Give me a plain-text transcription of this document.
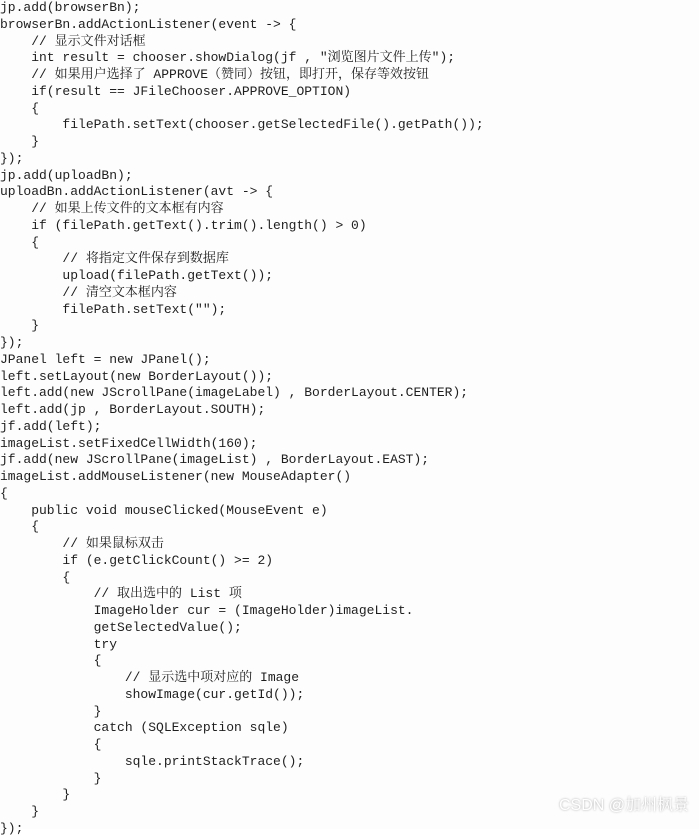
jp.add(browserBn);
browserBn.addActionListener(event -> {
// 显示文件对话框
int result = chooser.showDialog(jf , "浏览图片文件上传");
// 如果用户选择了 APPROVE（赞同）按钮，即打开，保存等效按钮
if(result == JFileChooser.APPROVE_OPTION)
{
filePath.setText(chooser.getSelectedFile().getPath());
}
});
jp.add(uploadBn);
uploadBn.addActionListener(avt -> {
// 如果上传文件的文本框有内容
if (filePath.getText().trim().length() > 0)
{
// 将指定文件保存到数据库
upload(filePath.getText());
// 清空文本框内容
filePath.setText("");
}
});
JPanel left = new JPanel();
left.setLayout(new BorderLayout());
left.add(new JScrollPane(imageLabel) , BorderLayout.CENTER);
left.add(jp , BorderLayout.SOUTH);
jf.add(left);
imageList.setFixedCellWidth(160);
jf.add(new JScrollPane(imageList) , BorderLayout.EAST);
imageList.addMouseListener(new MouseAdapter()
{
public void mouseClicked(MouseEvent e)
{
// 如果鼠标双击
if (e.getClickCount() >= 2)
{
// 取出选中的 List 项
ImageHolder cur = (ImageHolder)imageList.
getSelectedValue();
try
{
// 显示选中项对应的 Image
showImage(cur.getId());
}
catch (SQLException sqle)
{
sqle.printStackTrace();
}
}
}
});
CSDN @加州枫景
